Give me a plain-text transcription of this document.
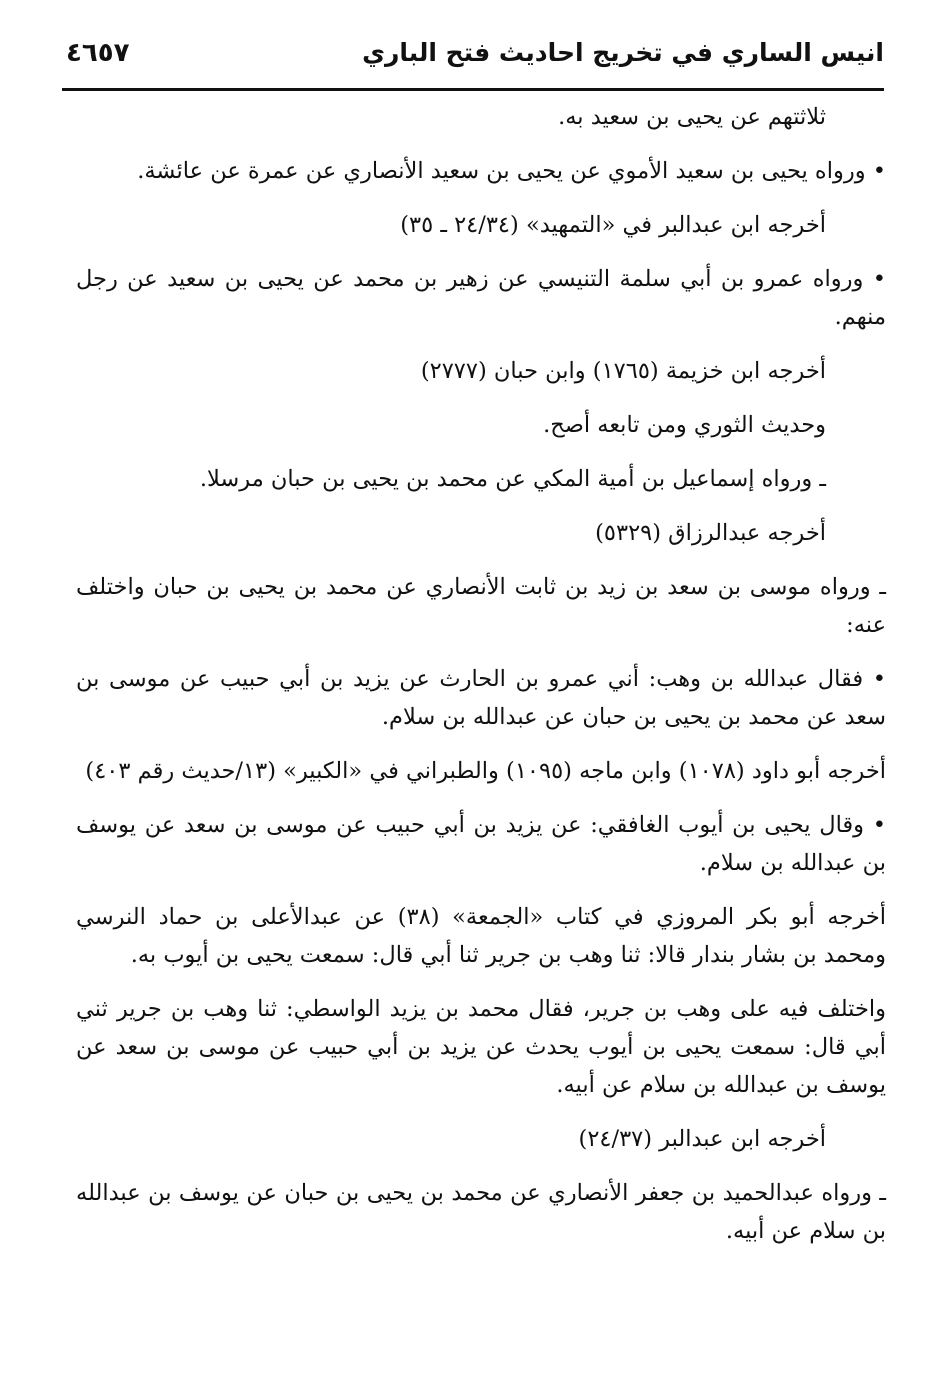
انيس الساري في تخريج احاديث فتح الباري
٤٦٥٧

ثلاثتهم عن يحيى بن سعيد به.

• ورواه يحيى بن سعيد الأموي عن يحيى بن سعيد الأنصاري عن عمرة عن عائشة.

أخرجه ابن عبدالبر في «التمهيد» (٢٤/٣٤ ـ ٣٥)

• ورواه عمرو بن أبي سلمة التنيسي عن زهير بن محمد عن يحيى بن سعيد عن رجل منهم.

أخرجه ابن خزيمة (١٧٦٥) وابن حبان (٢٧٧٧)

وحديث الثوري ومن تابعه أصح.

ـ ورواه إسماعيل بن أمية المكي عن محمد بن يحيى بن حبان مرسلا.

أخرجه عبدالرزاق (٥٣٢٩)

ـ ورواه موسى بن سعد بن زيد بن ثابت الأنصاري عن محمد بن يحيى بن حبان واختلف عنه:

• فقال عبدالله بن وهب: أني عمرو بن الحارث عن يزيد بن أبي حبيب عن موسى بن سعد عن محمد بن يحيى بن حبان عن عبدالله بن سلام.

أخرجه أبو داود (١٠٧٨) وابن ماجه (١٠٩٥) والطبراني في «الكبير» (١٣/حديث رقم ٤٠٣)

• وقال يحيى بن أيوب الغافقي: عن يزيد بن أبي حبيب عن موسى بن سعد عن يوسف بن عبدالله بن سلام.

أخرجه أبو بكر المروزي في كتاب «الجمعة» (٣٨) عن عبدالأعلى بن حماد النرسي ومحمد بن بشار بندار قالا: ثنا وهب بن جرير ثنا أبي قال: سمعت يحيى بن أيوب به.

واختلف فيه على وهب بن جرير، فقال محمد بن يزيد الواسطي: ثنا وهب بن جرير ثني أبي قال: سمعت يحيى بن أيوب يحدث عن يزيد بن أبي حبيب عن موسى بن سعد عن يوسف بن عبدالله بن سلام عن أبيه.

أخرجه ابن عبدالبر (٢٤/٣٧)

ـ ورواه عبدالحميد بن جعفر الأنصاري عن محمد بن يحيى بن حبان عن يوسف بن عبدالله بن سلام عن أبيه.
